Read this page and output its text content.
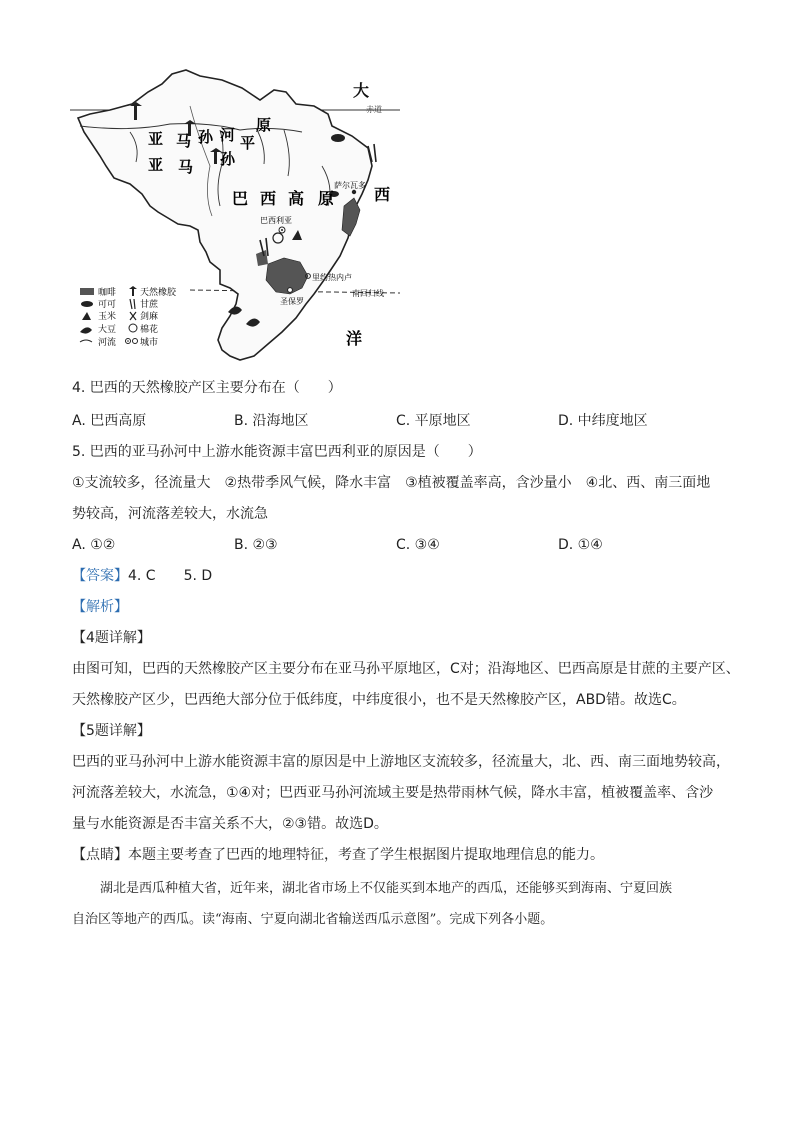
大
赤道
亚 马 孙 河 平
原
亚 马 孙
巴 西 高 原 西
萨尔瓦多
巴西利亚
里约热内卢
圣保罗
南回归线
洋
咖啡	天然橡胶
可可	甘蔗
玉米	剑麻
大豆	棉花
河流	城市
4. 巴西的天然橡胶产区主要分布在（　　）
A. 巴西高原	B. 沿海地区	C. 平原地区	D. 中纬度地区
5. 巴西的亚马孙河中上游水能资源丰富巴西利亚的原因是（　　）
①支流较多，径流量大　②热带季风气候，降水丰富　③植被覆盖率高，含沙量小　④北、西、南三面地
势较高，河流落差较大，水流急
A. ①②	B. ②③	C. ③④	D. ①④
【答案】4. C　　5. D
【解析】
【4题详解】
由图可知，巴西的天然橡胶产区主要分布在亚马孙平原地区，C对；沿海地区、巴西高原是甘蔗的主要产区、
天然橡胶产区少，巴西绝大部分位于低纬度，中纬度很小，也不是天然橡胶产区，ABD错。故选C。
【5题详解】
巴西的亚马孙河中上游水能资源丰富的原因是中上游地区支流较多，径流量大，北、西、南三面地势较高，
河流落差较大，水流急，①④对；巴西亚马孙河流域主要是热带雨林气候，降水丰富，植被覆盖率、含沙
量与水能资源是否丰富关系不大，②③错。故选D。
【点睛】本题主要考查了巴西的地理特征，考查了学生根据图片提取地理信息的能力。
湖北是西瓜种植大省，近年来，湖北省市场上不仅能买到本地产的西瓜，还能够买到海南、宁夏回族
自治区等地产的西瓜。读“海南、宁夏向湖北省输送西瓜示意图”。完成下列各小题。
